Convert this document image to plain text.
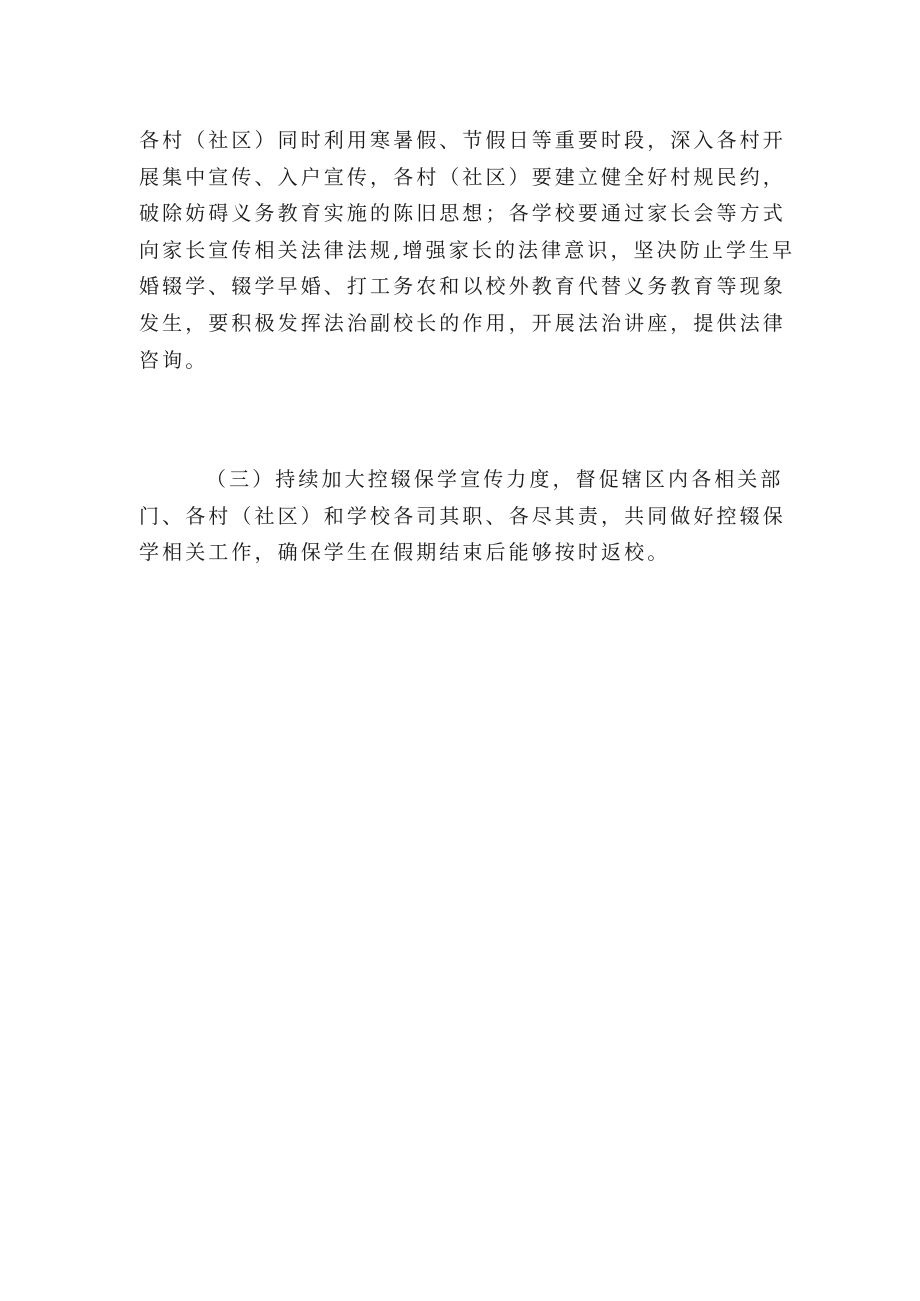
各村（社区）同时利用寒暑假、节假日等重要时段，深入各村开
展集中宣传、入户宣传，各村（社区）要建立健全好村规民约，
破除妨碍义务教育实施的陈旧思想；各学校要通过家长会等方式
向家长宣传相关法律法规,增强家长的法律意识，坚决防止学生早
婚辍学、辍学早婚、打工务农和以校外教育代替义务教育等现象
发生，要积极发挥法治副校长的作用，开展法治讲座，提供法律
咨询。
（三）持续加大控辍保学宣传力度，督促辖区内各相关部
门、各村（社区）和学校各司其职、各尽其责，共同做好控辍保
学相关工作，确保学生在假期结束后能够按时返校。
